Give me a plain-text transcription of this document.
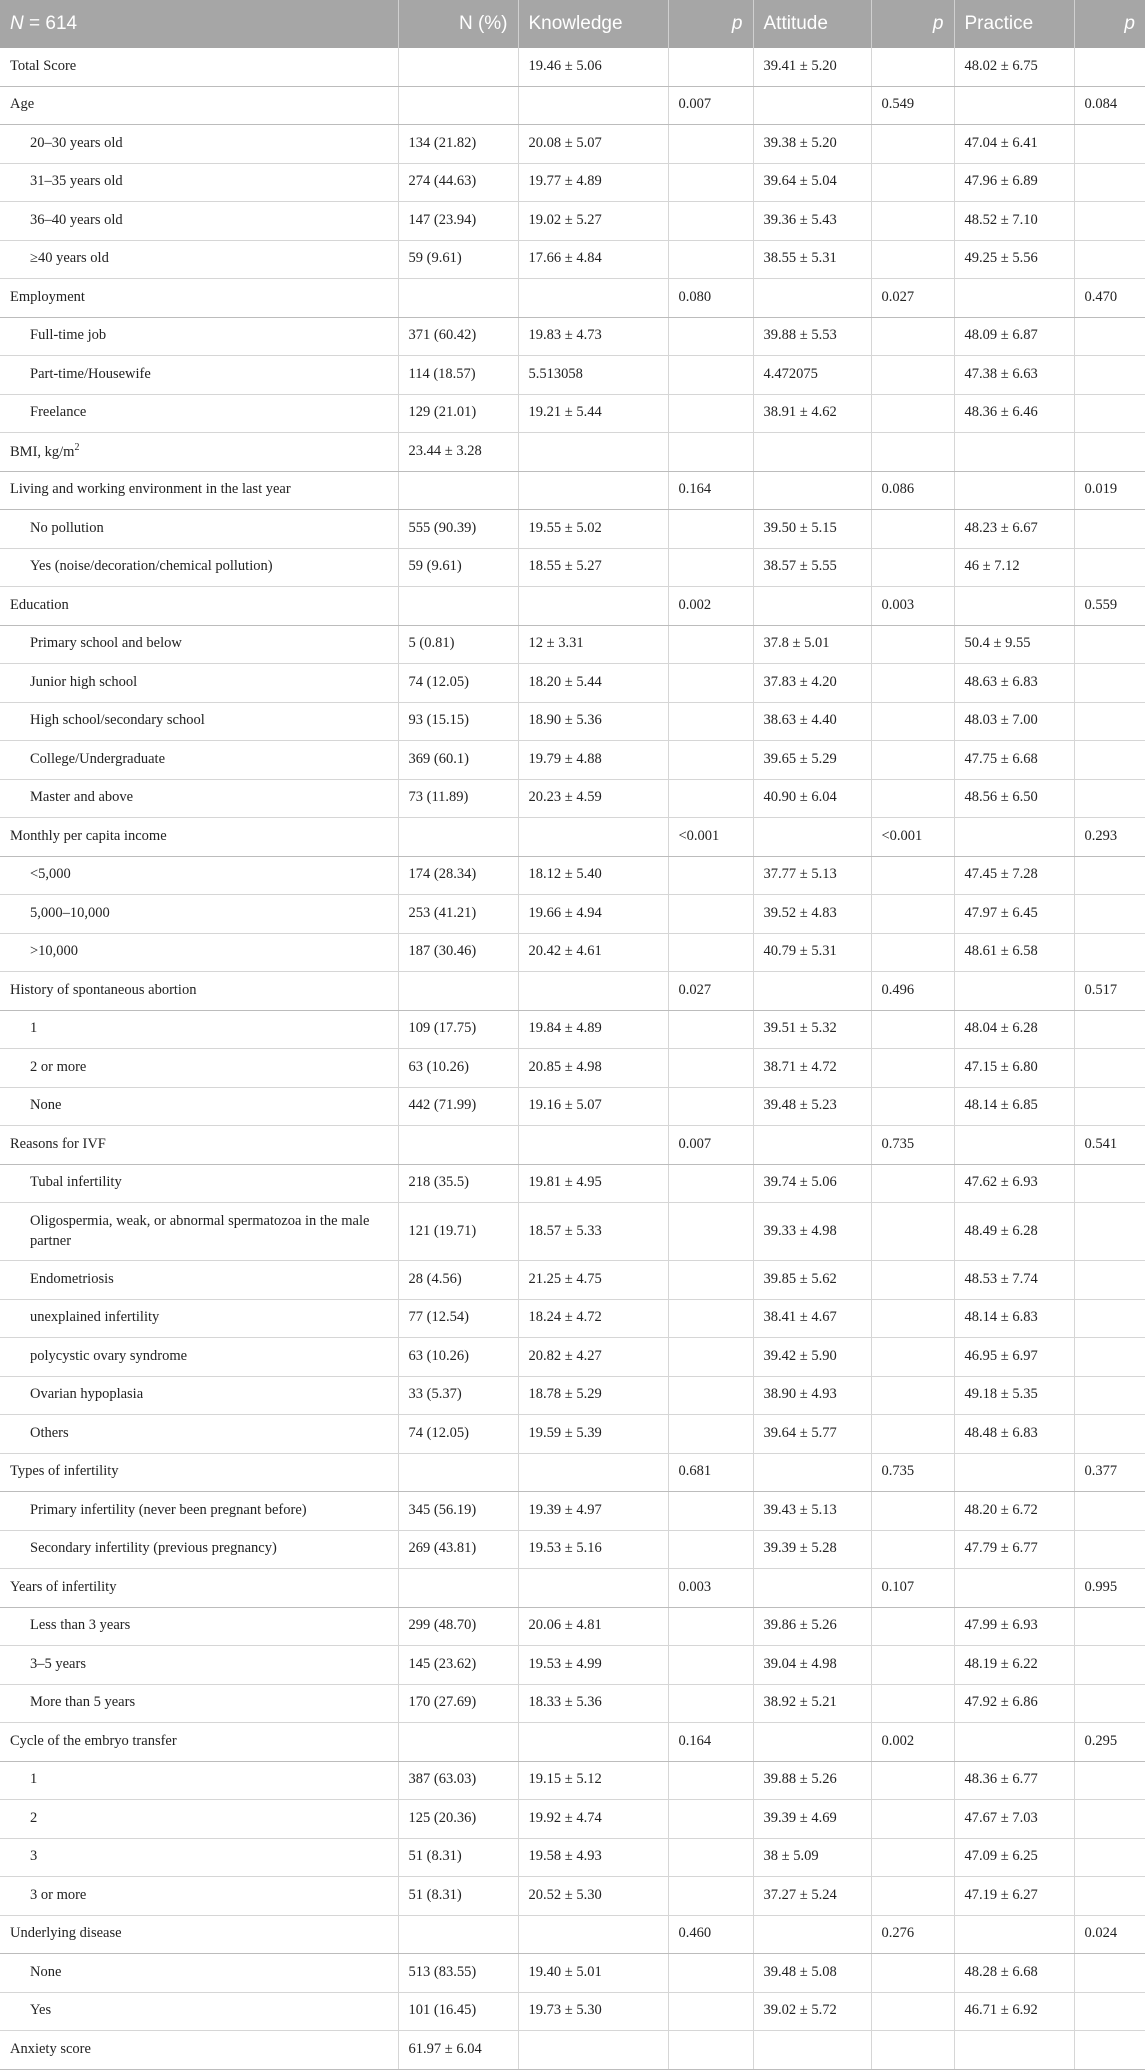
N = 614	N (%)	Knowledge	p	Attitude	p	Practice	p
Total Score		19.46 ± 5.06		39.41 ± 5.20		48.02 ± 6.75	
Age			0.007		0.549		0.084
20–30 years old	134 (21.82)	20.08 ± 5.07		39.38 ± 5.20		47.04 ± 6.41	
31–35 years old	274 (44.63)	19.77 ± 4.89		39.64 ± 5.04		47.96 ± 6.89	
36–40 years old	147 (23.94)	19.02 ± 5.27		39.36 ± 5.43		48.52 ± 7.10	
≥40 years old	59 (9.61)	17.66 ± 4.84		38.55 ± 5.31		49.25 ± 5.56	
Employment			0.080		0.027		0.470
Full-time job	371 (60.42)	19.83 ± 4.73		39.88 ± 5.53		48.09 ± 6.87	
Part-time/Housewife	114 (18.57)	5.513058		4.472075		47.38 ± 6.63	
Freelance	129 (21.01)	19.21 ± 5.44		38.91 ± 4.62		48.36 ± 6.46	
BMI, $kg/m^2$	23.44 ± 3.28						
Living and working environment in the last year			0.164		0.086		0.019
No pollution	555 (90.39)	19.55 ± 5.02		39.50 ± 5.15		48.23 ± 6.67	
Yes (noise/decoration/chemical pollution)	59 (9.61)	18.55 ± 5.27		38.57 ± 5.55		46 ± 7.12	
Education			0.002		0.003		0.559
Primary school and below	5 (0.81)	12 ± 3.31		37.8 ± 5.01		50.4 ± 9.55	
Junior high school	74 (12.05)	18.20 ± 5.44		37.83 ± 4.20		48.63 ± 6.83	
High school/secondary school	93 (15.15)	18.90 ± 5.36		38.63 ± 4.40		48.03 ± 7.00	
College/Undergraduate	369 (60.1)	19.79 ± 4.88		39.65 ± 5.29		47.75 ± 6.68	
Master and above	73 (11.89)	20.23 ± 4.59		40.90 ± 6.04		48.56 ± 6.50	
Monthly per capita income			<0.001		<0.001		0.293
<5,000	174 (28.34)	18.12 ± 5.40		37.77 ± 5.13		47.45 ± 7.28	
5,000–10,000	253 (41.21)	19.66 ± 4.94		39.52 ± 4.83		47.97 ± 6.45	
>10,000	187 (30.46)	20.42 ± 4.61		40.79 ± 5.31		48.61 ± 6.58	
History of spontaneous abortion			0.027		0.496		0.517
1	109 (17.75)	19.84 ± 4.89		39.51 ± 5.32		48.04 ± 6.28	
2 or more	63 (10.26)	20.85 ± 4.98		38.71 ± 4.72		47.15 ± 6.80	
None	442 (71.99)	19.16 ± 5.07		39.48 ± 5.23		48.14 ± 6.85	
Reasons for IVF			0.007		0.735		0.541
Tubal infertility	218 (35.5)	19.81 ± 4.95		39.74 ± 5.06		47.62 ± 6.93	
Oligospermia, weak, or abnormal spermatozoa in the male partner	121 (19.71)	18.57 ± 5.33		39.33 ± 4.98		48.49 ± 6.28	
Endometriosis	28 (4.56)	21.25 ± 4.75		39.85 ± 5.62		48.53 ± 7.74	
unexplained infertility	77 (12.54)	18.24 ± 4.72		38.41 ± 4.67		48.14 ± 6.83	
polycystic ovary syndrome	63 (10.26)	20.82 ± 4.27		39.42 ± 5.90		46.95 ± 6.97	
Ovarian hypoplasia	33 (5.37)	18.78 ± 5.29		38.90 ± 4.93		49.18 ± 5.35	
Others	74 (12.05)	19.59 ± 5.39		39.64 ± 5.77		48.48 ± 6.83	
Types of infertility			0.681		0.735		0.377
Primary infertility (never been pregnant before)	345 (56.19)	19.39 ± 4.97		39.43 ± 5.13		48.20 ± 6.72	
Secondary infertility (previous pregnancy)	269 (43.81)	19.53 ± 5.16		39.39 ± 5.28		47.79 ± 6.77	
Years of infertility			0.003		0.107		0.995
Less than 3 years	299 (48.70)	20.06 ± 4.81		39.86 ± 5.26		47.99 ± 6.93	
3–5 years	145 (23.62)	19.53 ± 4.99		39.04 ± 4.98		48.19 ± 6.22	
More than 5 years	170 (27.69)	18.33 ± 5.36		38.92 ± 5.21		47.92 ± 6.86	
Cycle of the embryo transfer			0.164		0.002		0.295
1	387 (63.03)	19.15 ± 5.12		39.88 ± 5.26		48.36 ± 6.77	
2	125 (20.36)	19.92 ± 4.74		39.39 ± 4.69		47.67 ± 7.03	
3	51 (8.31)	19.58 ± 4.93		38 ± 5.09		47.09 ± 6.25	
3 or more	51 (8.31)	20.52 ± 5.30		37.27 ± 5.24		47.19 ± 6.27	
Underlying disease			0.460		0.276		0.024
None	513 (83.55)	19.40 ± 5.01		39.48 ± 5.08		48.28 ± 6.68	
Yes	101 (16.45)	19.73 ± 5.30		39.02 ± 5.72		46.71 ± 6.92	
Anxiety score	61.97 ± 6.04						
